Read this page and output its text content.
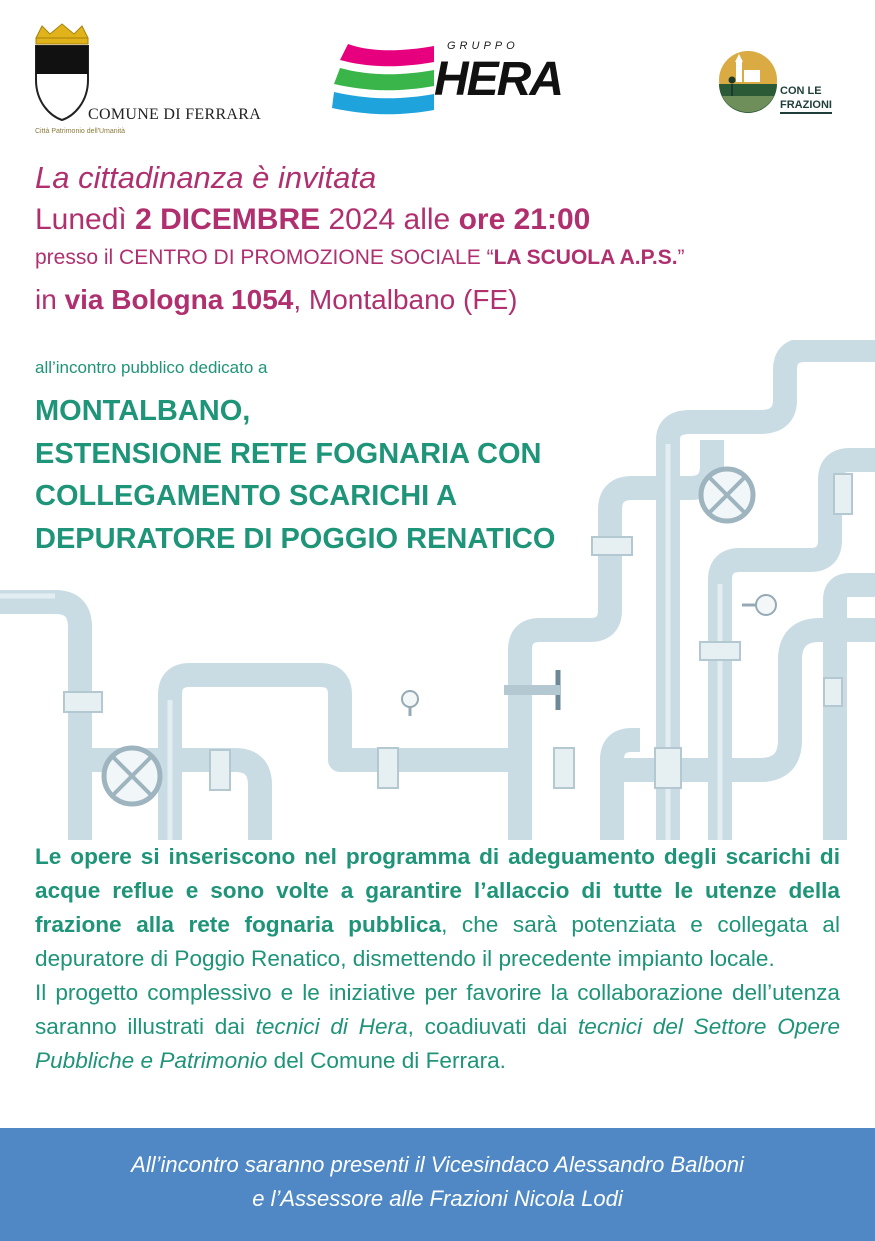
COMUNE DI FERRARA
Città Patrimonio dell'Umanità
GRUPPO
HERA	CON LE
FRAZIONI
La cittadinanza è invitata
Lunedì 2 DICEMBRE 2024 alle ore 21:00
presso il CENTRO DI PROMOZIONE SOCIALE “LA SCUOLA A.P.S.”
in via Bologna 1054, Montalbano (FE)
all’incontro pubblico dedicato a
MONTALBANO,
ESTENSIONE RETE FOGNARIA CON
COLLEGAMENTO SCARICHI A
DEPURATORE DI POGGIO RENATICO
Le opere si inseriscono nel programma di adeguamento degli scarichi di acque reflue e sono volte a garantire l’allaccio di tutte le utenze della frazione alla rete fognaria pubblica, che sarà potenziata e collegata al depuratore di Poggio Renatico, dismettendo il precedente impianto locale.
Il progetto complessivo e le iniziative per favorire la collaborazione dell’utenza saranno illustrati dai tecnici di Hera, coadiuvati dai tecnici del Settore Opere Pubbliche e Patrimonio del Comune di Ferrara.
All’incontro saranno presenti il Vicesindaco Alessandro Balboni
e l’Assessore alle Frazioni Nicola Lodi
